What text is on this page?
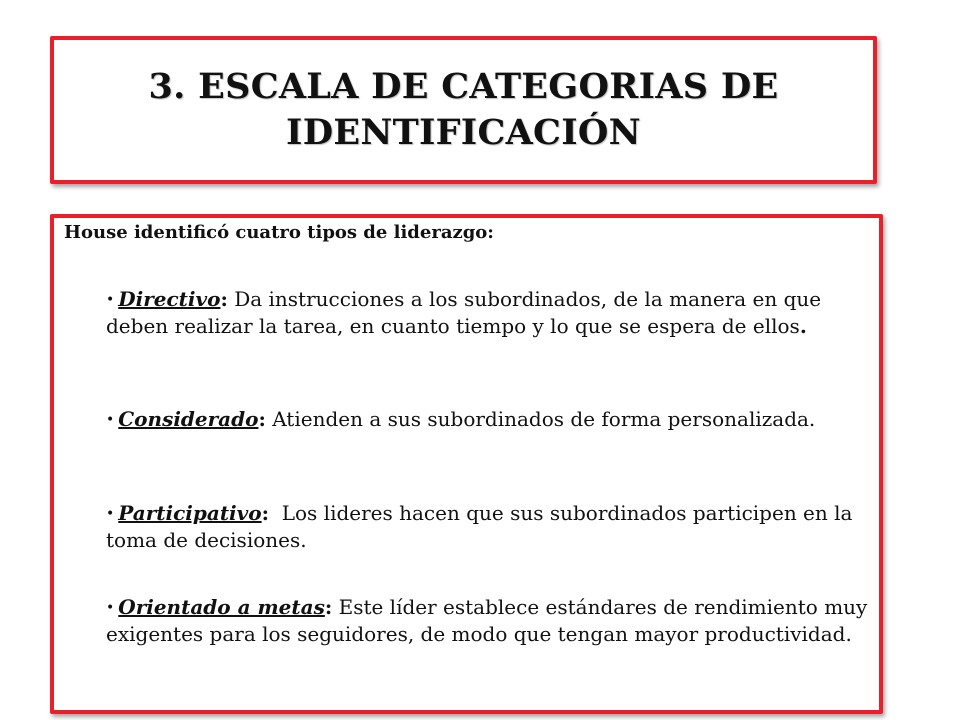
3. ESCALA DE CATEGORIAS DE
IDENTIFICACIÓN
House identificó cuatro tipos de liderazgo:
• Directivo: Da instrucciones a los subordinados, de la manera en que deben realizar la tarea, en cuanto tiempo y lo que se espera de ellos.
• Considerado: Atienden a sus subordinados de forma personalizada.
• Participativo:  Los lideres hacen que sus subordinados participen en la toma de decisiones.
• Orientado a metas: Este líder establece estándares de rendimiento muy exigentes para los seguidores, de modo que tengan mayor productividad.
